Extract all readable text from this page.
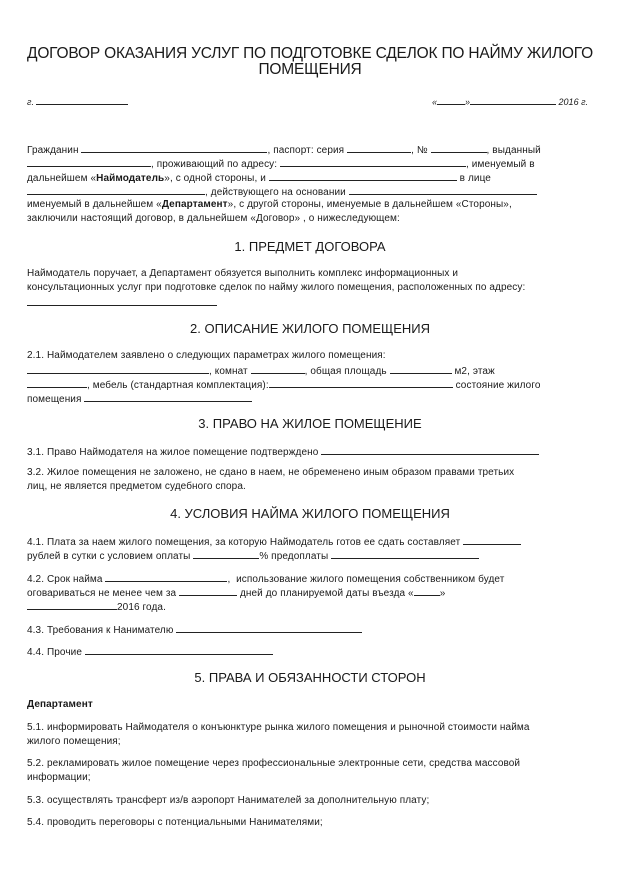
ДОГОВОР ОКАЗАНИЯ УСЛУГ ПО ПОДГОТОВКЕ СДЕЛОК ПО НАЙМУ ЖИЛОГО
ПОМЕЩЕНИЯ
г.	«	»	2016 г.
Гражданин	, паспорт: серия	, №	, выданный
, проживающий по адресу:	, именуемый в
дальнейшем «Наймодатель», с одной стороны, и	в лице
, действующего на основании
именуемый в дальнейшем «Департамент», с другой стороны, именуемые в дальнейшем «Стороны»,
заключили настоящий договор, в дальнейшем «Договор» , о нижеследующем:
1. ПРЕДМЕТ ДОГОВОРА
Наймодатель поручает, а Департамент обязуется выполнить комплекс информационных и
консультационных услуг при подготовке сделок по найму жилого помещения, расположенных по адресу:
2. ОПИСАНИЕ ЖИЛОГО ПОМЕЩЕНИЯ
2.1. Наймодателем заявлено о следующих параметрах жилого помещения:
, комнат	, общая площадь	м2, этаж
, мебель (стандартная комплектация):	состояние жилого
помещения
3. ПРАВО НА ЖИЛОЕ ПОМЕЩЕНИЕ
3.1. Право Наймодателя на жилое помещение подтверждено
3.2. Жилое помещения не заложено, не сдано в наем, не обременено иным образом правами третьих
лиц, не является предметом судебного спора.
4. УСЛОВИЯ НАЙМА ЖИЛОГО ПОМЕЩЕНИЯ
4.1. Плата за наем жилого помещения, за которую Наймодатель готов ее сдать составляет
рублей в сутки с условием оплаты	% предоплаты
4.2. Срок найма	,  использование жилого помещения собственником будет
оговариваться не менее чем за	дней до планируемой даты въезда «	»
2016 года.
4.3. Требования к Нанимателю
4.4. Прочие
5. ПРАВА И ОБЯЗАННОСТИ СТОРОН
Департамент
5.1. информировать Наймодателя о конъюнктуре рынка жилого помещения и рыночной стоимости найма
жилого помещения;
5.2. рекламировать жилое помещение через профессиональные электронные сети, средства массовой
информации;
5.3. осуществлять трансферт из/в аэропорт Нанимателей за дополнительную плату;
5.4. проводить переговоры с потенциальными Нанимателями;
